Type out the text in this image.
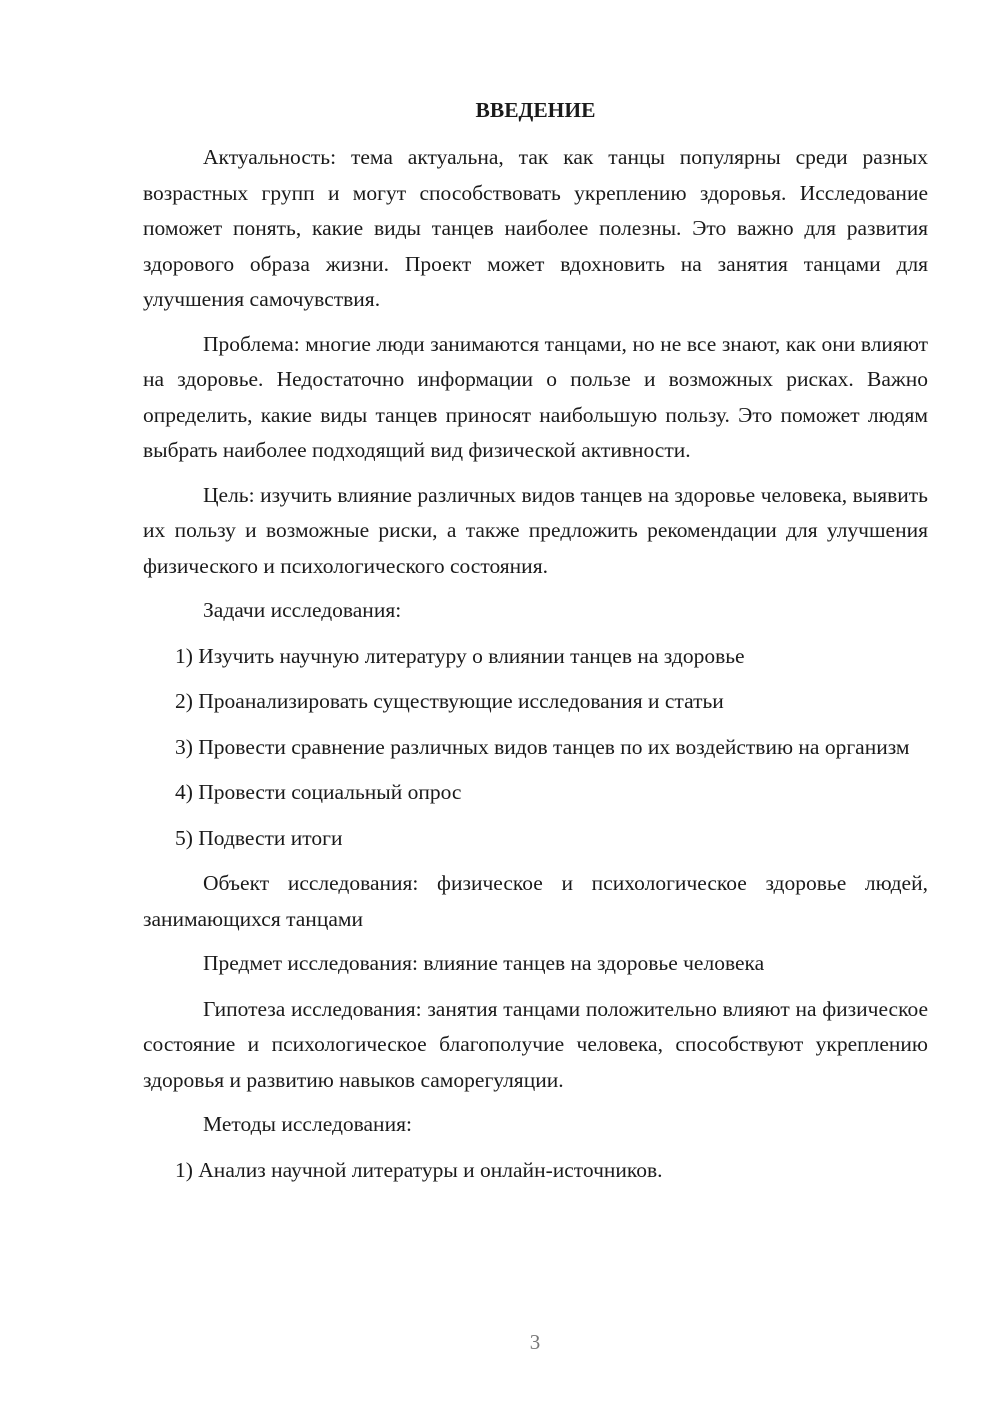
ВВЕДЕНИЕ

Актуальность: тема актуальна, так как танцы популярны среди разных возрастных групп и могут способствовать укреплению здоровья. Исследование поможет понять, какие виды танцев наиболее полезны. Это важно для развития здорового образа жизни. Проект может вдохновить на занятия танцами для улучшения самочувствия.

Проблема: многие люди занимаются танцами, но не все знают, как они влияют на здоровье. Недостаточно информации о пользе и возможных рисках. Важно определить, какие виды танцев приносят наибольшую пользу. Это поможет людям выбрать наиболее подходящий вид физической активности.

Цель: изучить влияние различных видов танцев на здоровье человека, выявить их пользу и возможные риски, а также предложить рекомендации для улучшения физического и психологического состояния.

Задачи исследования:

1) Изучить научную литературу о влиянии танцев на здоровье

2) Проанализировать существующие исследования и статьи

3) Провести сравнение различных видов танцев по их воздействию на организм

4) Провести социальный опрос

5) Подвести итоги

Объект исследования: физическое и психологическое здоровье людей, занимающихся танцами

Предмет исследования: влияние танцев на здоровье человека

Гипотеза исследования: занятия танцами положительно влияют на физическое состояние и психологическое благополучие человека, способствуют укреплению здоровья и развитию навыков саморегуляции.

Методы исследования:

1) Анализ научной литературы и онлайн-источников.

3
